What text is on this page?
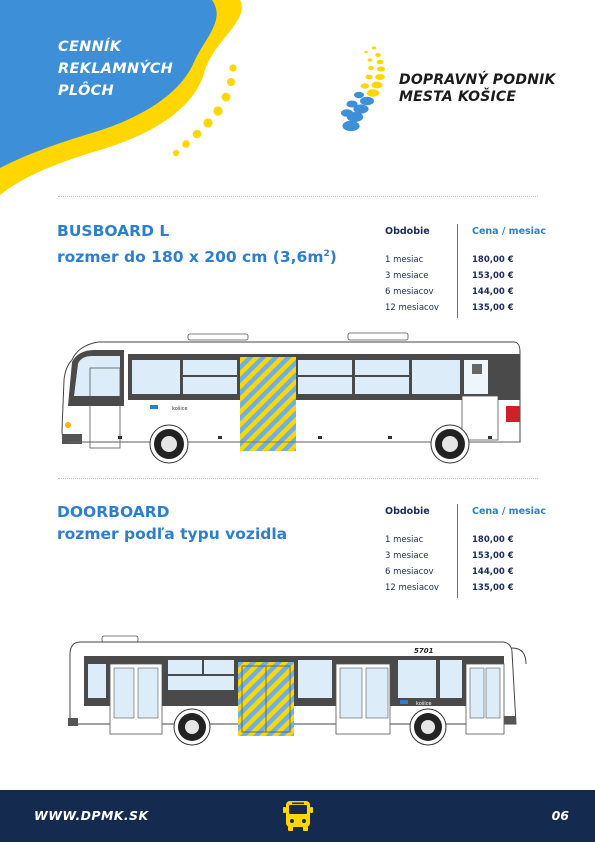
CENNÍK
REKLAMNÝCH
PLÔCH
DOPRAVNÝ PODNIK
MESTA KOŠICE
BUSBOARD L
rozmer do 180 x 200 cm $(3,6m^2)$
Obdobie	Cena / mesiac
1 mesiac	180,00 €
3 mesiace	153,00 €
6 mesiacov	144,00 €
12 mesiacov	135,00 €
6801
košice
DOORBOARD
rozmer podľa typu vozidla
Obdobie	Cena / mesiac
1 mesiac	180,00 €
3 mesiace	153,00 €
6 mesiacov	144,00 €
12 mesiacov	135,00 €
5701
košice
WWW.DPMK.SK	06
